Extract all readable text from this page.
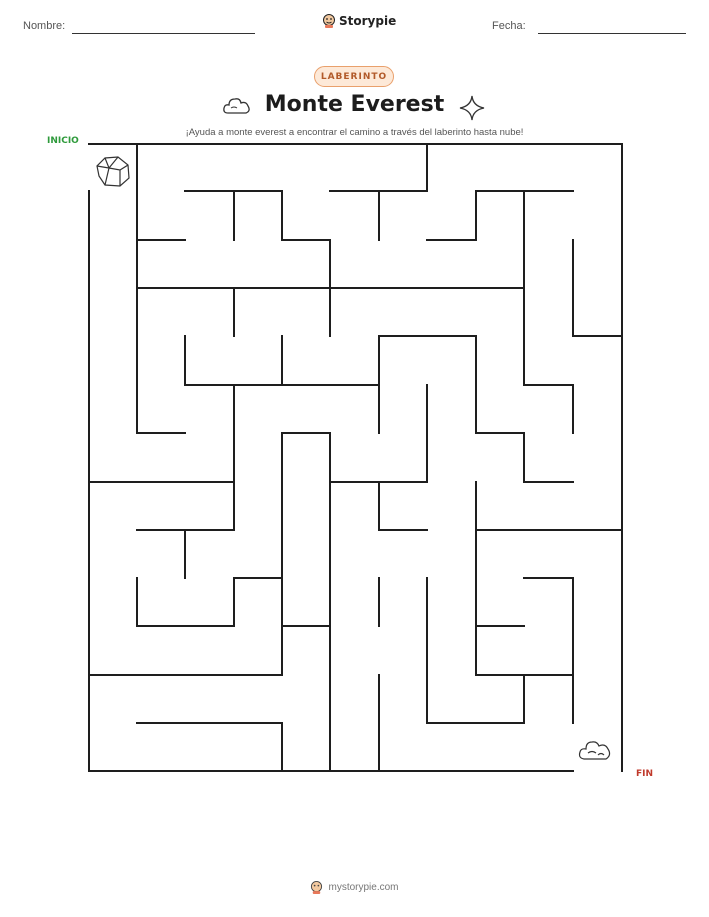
Nombre:	Storypie	Fecha:
LABERINTO
Monte Everest
¡Ayuda a monte everest a encontrar el camino a través del laberinto hasta nube!
INICIO
FIN
mystorypie.com
